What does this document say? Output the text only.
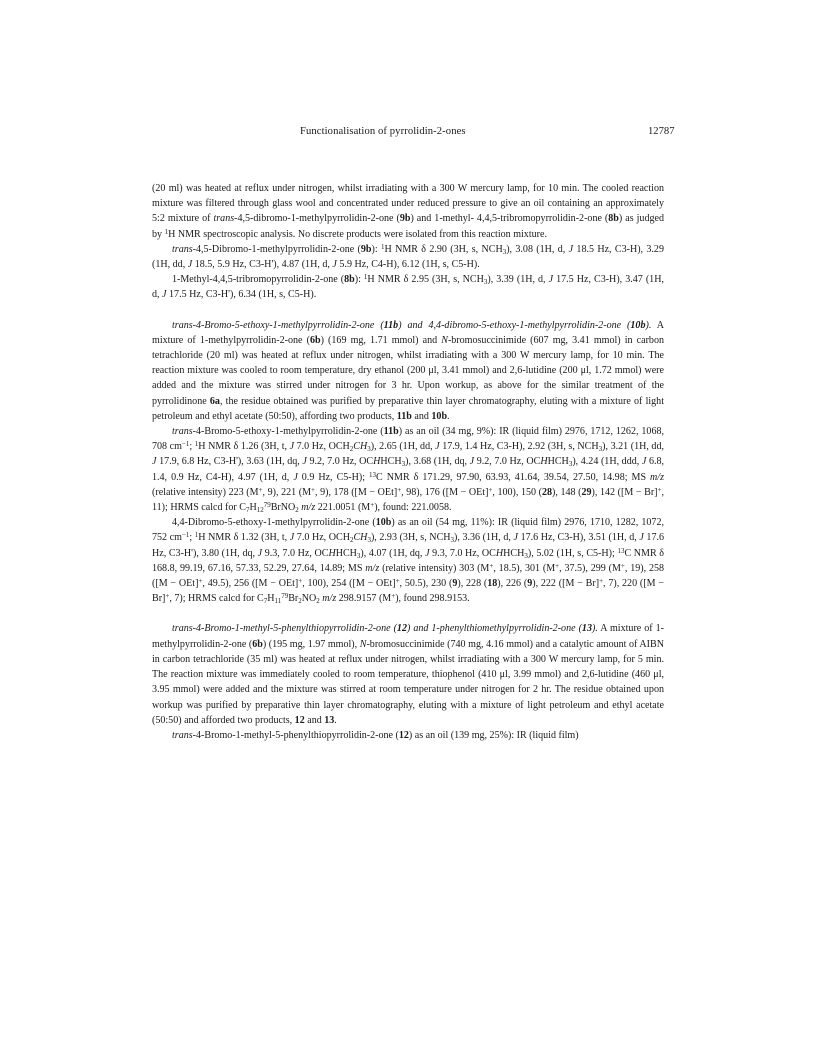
Functionalisation of pyrrolidin-2-ones	12787

(20 ml) was heated at reflux under nitrogen, whilst irradiating with a 300 W mercury lamp, for 10 min. The cooled reaction mixture was filtered through glass wool and concentrated under reduced pressure to give an oil containing an approximately 5:2 mixture of trans-4,5-dibromo-1-methylpyrrolidin-2-one (9b) and 1-methyl- 4,4,5-tribromopyrrolidin-2-one (8b) as judged by $^1$H NMR spectroscopic analysis. No discrete products were isolated from this reaction mixture.

trans-4,5-Dibromo-1-methylpyrrolidin-2-one (9b): $^1$H NMR δ 2.90 (3H, s, $NCH_3$), 3.08 (1H, d, J 18.5 Hz, C3-H), 3.29 (1H, dd, J 18.5, 5.9 Hz, C3-H'), 4.87 (1H, d, J 5.9 Hz, C4-H), 6.12 (1H, s, C5-H).

1-Methyl-4,4,5-tribromopyrrolidin-2-one (8b): $^1$H NMR δ 2.95 (3H, s, $NCH_3$), 3.39 (1H, d, J 17.5 Hz, C3-H), 3.47 (1H, d, J 17.5 Hz, C3-H'), 6.34 (1H, s, C5-H).

trans-4-Bromo-5-ethoxy-1-methylpyrrolidin-2-one (11b) and 4,4-dibromo-5-ethoxy-1-methylpyrrolidin-2-one (10b). A mixture of 1-methylpyrrolidin-2-one (6b) (169 mg, 1.71 mmol) and N-bromosuccinimide (607 mg, 3.41 mmol) in carbon tetrachloride (20 ml) was heated at reflux under nitrogen, whilst irradiating with a 300 W mercury lamp, for 10 min. The reaction mixture was cooled to room temperature, dry ethanol (200 μl, 3.41 mmol) and 2,6-lutidine (200 μl, 1.72 mmol) were added and the mixture was stirred under nitrogen for 3 hr. Upon workup, as above for the similar treatment of the pyrrolidinone 6a, the residue obtained was purified by preparative thin layer chromatography, eluting with a mixture of light petroleum and ethyl acetate (50:50), affording two products, 11b and 10b.

trans-4-Bromo-5-ethoxy-1-methylpyrrolidin-2-one (11b) as an oil (34 mg, 9%): IR (liquid film) 2976, 1712, 1262, 1068, 708 $cm^{-1}$; $^1$H NMR δ 1.26 (3H, t, J 7.0 Hz, $OCH_2CH_3$), 2.65 (1H, dd, J 17.9, 1.4 Hz, C3-H), 2.92 (3H, s, $NCH_3$), 3.21 (1H, dd, J 17.9, 6.8 Hz, C3-H'), 3.63 (1H, dq, J 9.2, 7.0 Hz, $OCHHCH_3$), 3.68 (1H, dq, J 9.2, 7.0 Hz, $OCHHCH_3$), 4.24 (1H, ddd, J 6.8, 1.4, 0.9 Hz, C4-H), 4.97 (1H, d, J 0.9 Hz, C5-H); $^{13}$C NMR δ 171.29, 97.90, 63.93, 41.64, 39.54, 27.50, 14.98; MS m/z (relative intensity) 223 (M+, 9), 221 (M+, 9), 178 ([M − OEt]+, 98), 176 ([M − OEt]+, 100), 150 (28), 148 (29), 142 ([M − Br]+, 11); HRMS calcd for $C_7H_{12}^{79}BrNO_2$ m/z 221.0051 (M+), found: 221.0058.

4,4-Dibromo-5-ethoxy-1-methylpyrrolidin-2-one (10b) as an oil (54 mg, 11%): IR (liquid film) 2976, 1710, 1282, 1072, 752 $cm^{-1}$; $^1$H NMR δ 1.32 (3H, t, J 7.0 Hz, $OCH_2CH_3$), 2.93 (3H, s, $NCH_3$), 3.36 (1H, d, J 17.6 Hz, C3-H), 3.51 (1H, d, J 17.6 Hz, C3-H'), 3.80 (1H, dq, J 9.3, 7.0 Hz, $OCHHCH_3$), 4.07 (1H, dq, J 9.3, 7.0 Hz, $OCHHCH_3$), 5.02 (1H, s, C5-H); $^{13}$C NMR δ 168.8, 99.19, 67.16, 57.33, 52.29, 27.64, 14.89; MS m/z (relative intensity) 303 (M+, 18.5), 301 (M+, 37.5), 299 (M+, 19), 258 ([M − OEt]+, 49.5), 256 ([M − OEt]+, 100), 254 ([M − OEt]+, 50.5), 230 (9), 228 (18), 226 (9), 222 ([M − Br]+, 7), 220 ([M − Br]+, 7); HRMS calcd for $C_7H_{11}^{79}Br_2NO_2$ m/z 298.9157 (M+), found 298.9153.

trans-4-Bromo-1-methyl-5-phenylthiopyrrolidin-2-one (12) and 1-phenylthiomethylpyrrolidin-2-one (13). A mixture of 1-methylpyrrolidin-2-one (6b) (195 mg, 1.97 mmol), N-bromosuccinimide (740 mg, 4.16 mmol) and a catalytic amount of AIBN in carbon tetrachloride (35 ml) was heated at reflux under nitrogen, whilst irradiating with a 300 W mercury lamp, for 5 min. The reaction mixture was immediately cooled to room temperature, thiophenol (410 μl, 3.99 mmol) and 2,6-lutidine (460 μl, 3.95 mmol) were added and the mixture was stirred at room temperature under nitrogen for 2 hr. The residue obtained upon workup was purified by preparative thin layer chromatography, eluting with a mixture of light petroleum and ethyl acetate (50:50) and afforded two products, 12 and 13.

trans-4-Bromo-1-methyl-5-phenylthiopyrrolidin-2-one (12) as an oil (139 mg, 25%): IR (liquid film)
